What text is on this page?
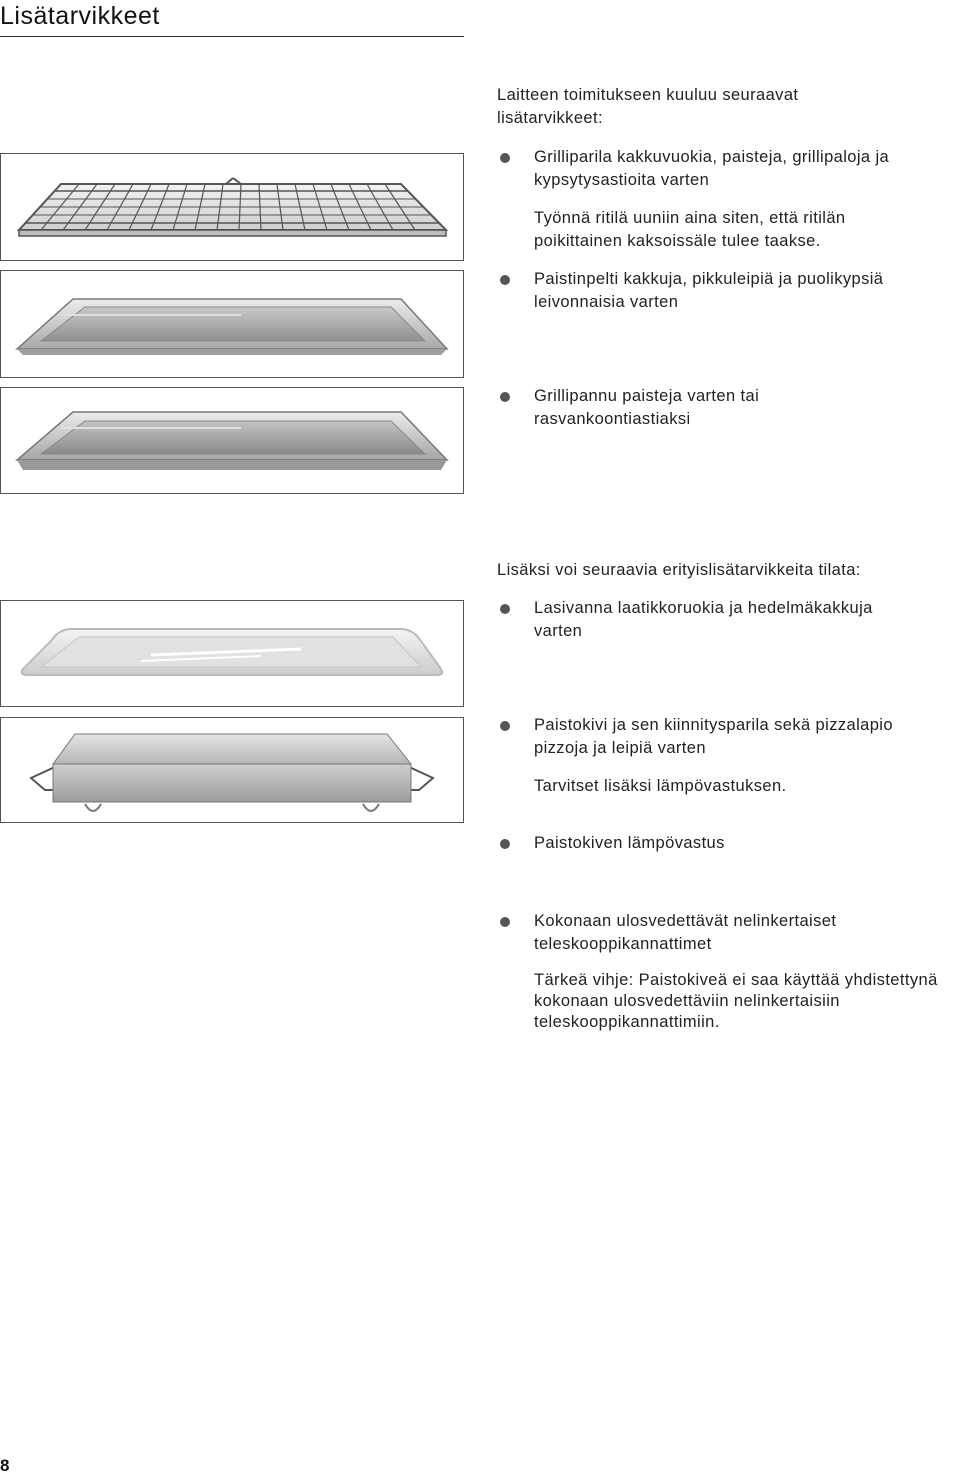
Lisätarvikkeet

Laitteen toimitukseen kuuluu seuraavat

lisätarvikkeet:

Grilliparila kakkuvuokia, paisteja, grillipaloja ja

kypsytysastioita varten

Työnnä ritilä uuniin aina siten, että ritilän

poikittainen kaksoissäle tulee taakse.

Paistinpelti kakkuja, pikkuleipiä ja puolikypsiä

leivonnaisia varten

Grillipannu paisteja varten tai

rasvankoontiastiaksi

Lisäksi voi seuraavia erityislisätarvikkeita tilata:

Lasivanna laatikkoruokia ja hedelmäkakkuja

varten

Paistokivi ja sen kiinnitysparila sekä pizzalapio

pizzoja ja leipiä varten

Tarvitset lisäksi lämpövastuksen.

Paistokiven lämpövastus

Kokonaan ulosvedettävät nelinkertaiset

teleskooppikannattimet

Tärkeä vihje: Paistokiveä ei saa käyttää yhdistettynä

kokonaan ulosvedettäviin nelinkertaisiin

teleskooppikannattimiin.

8
